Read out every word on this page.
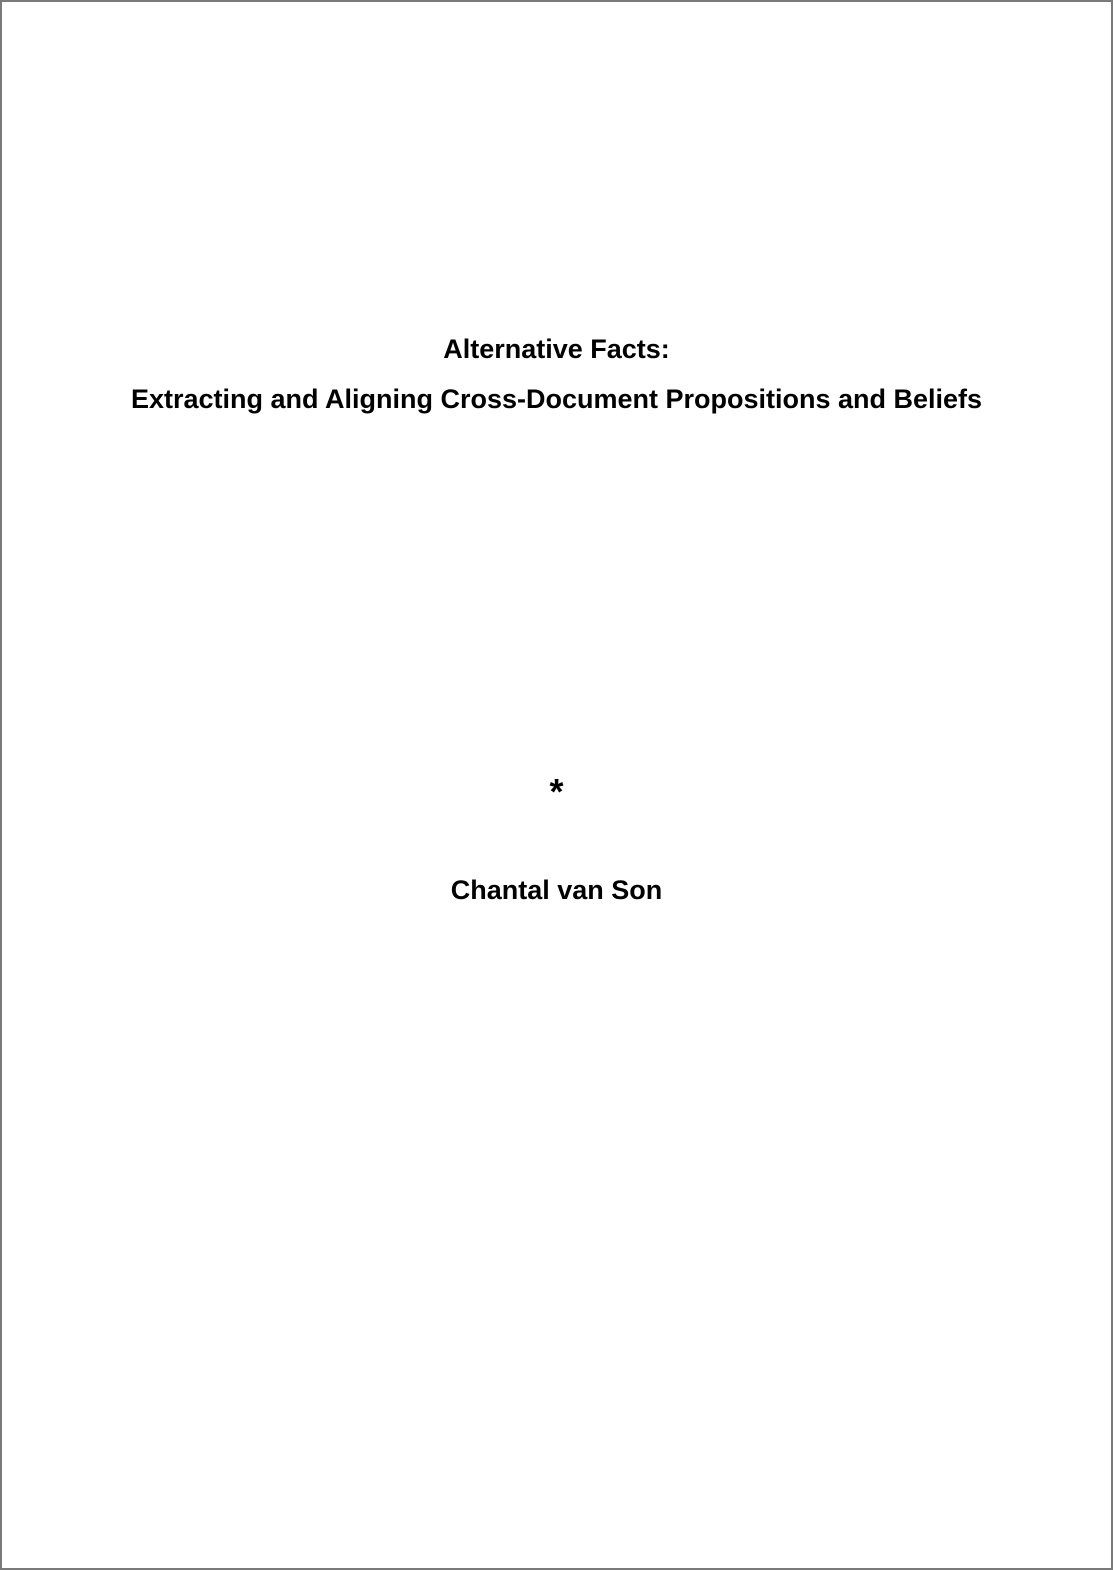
Alternative Facts:
Extracting and Aligning Cross-Document Propositions and Beliefs
*
Chantal van Son
